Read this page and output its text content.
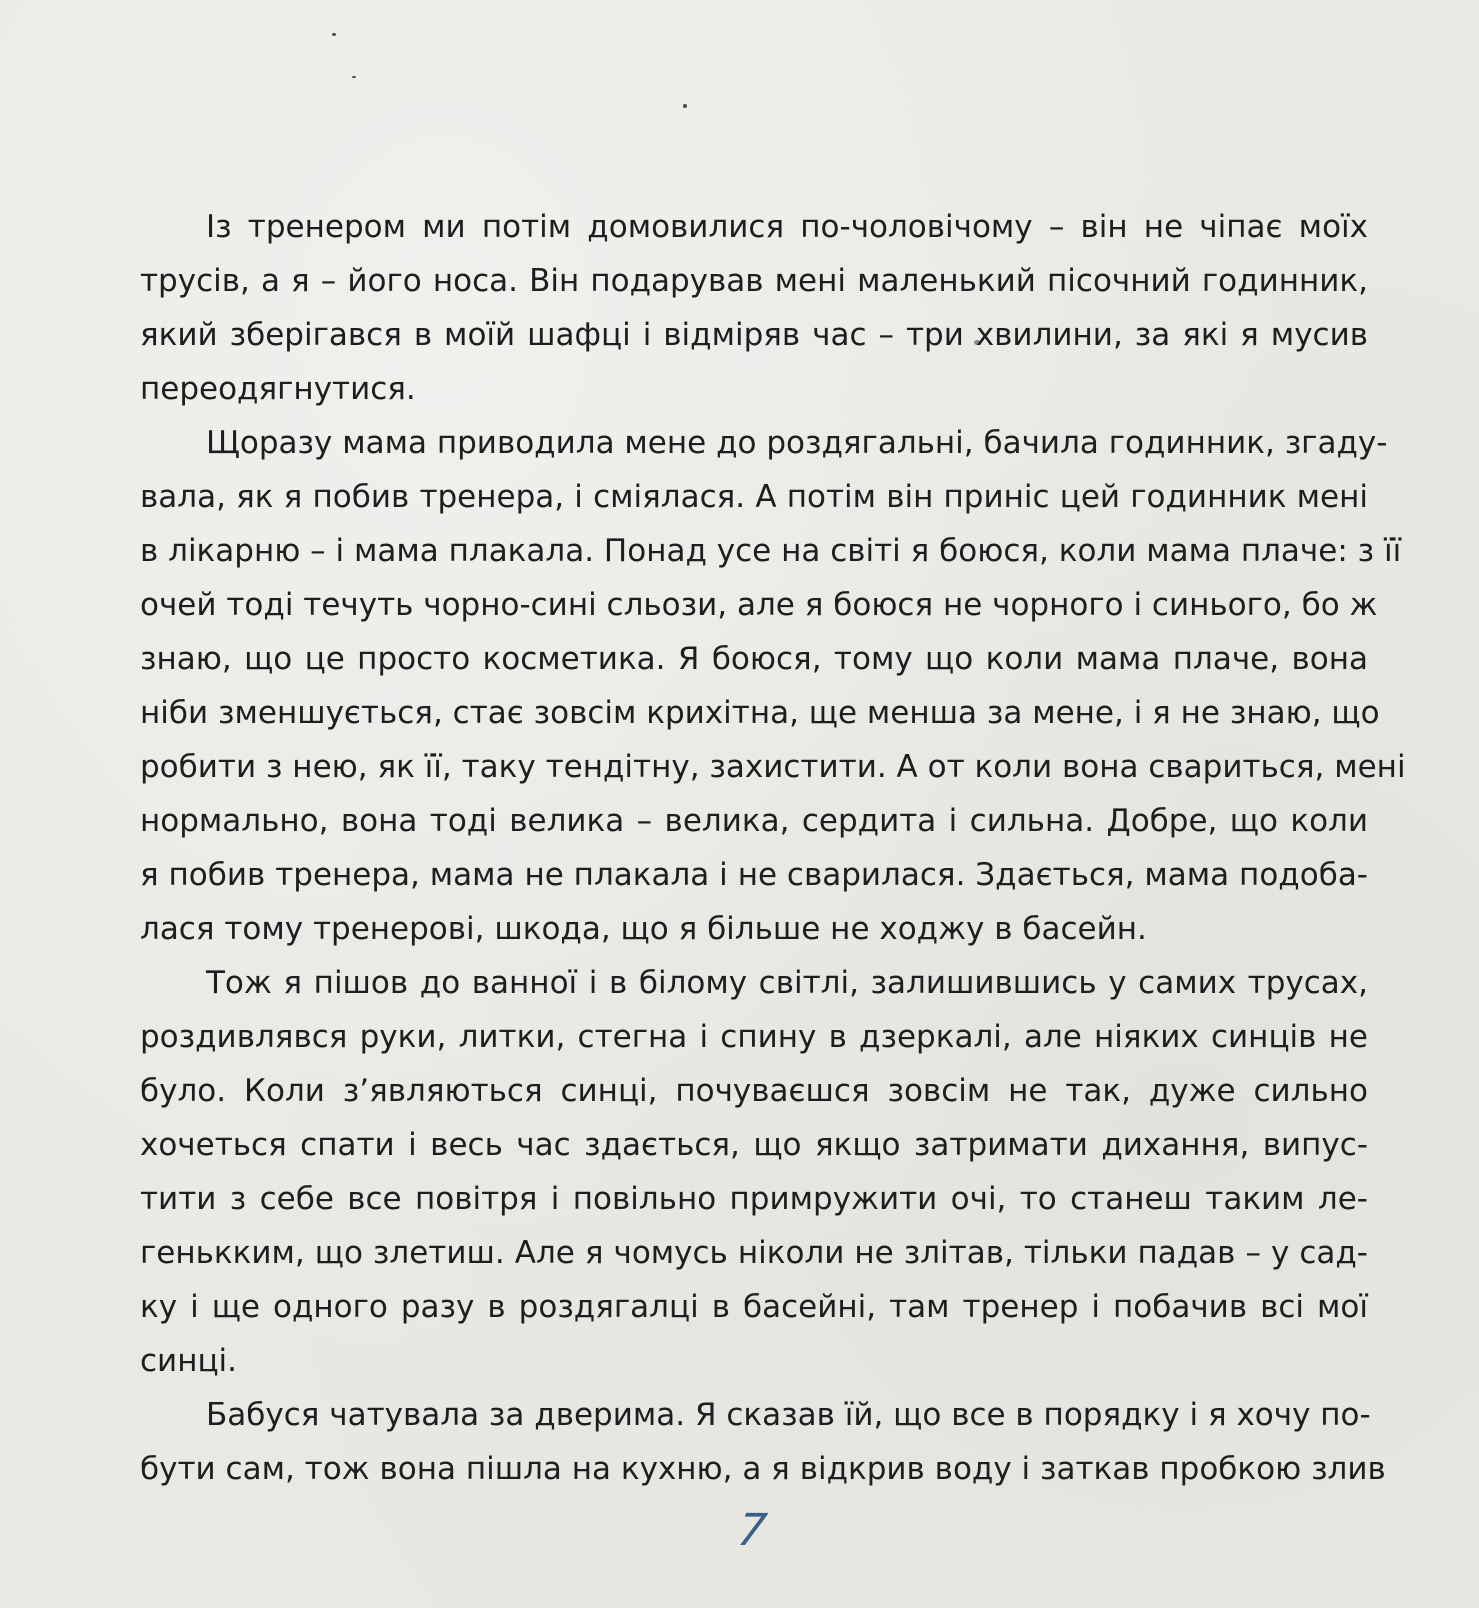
Із тренером ми потім домовилися по-чоловічому – він не чіпає моїх
трусів, а я – його носа. Він подарував мені маленький пісочний годинник,
який зберігався в моїй шафці і відміряв час – три хвилини, за які я мусив
переодягнутися.

Щоразу мама приводила мене до роздягальні, бачила годинник, згаду-
вала, як я побив тренера, і сміялася. А потім він приніс цей годинник мені
в лікарню – і мама плакала. Понад усе на світі я боюся, коли мама плаче: з її
очей тоді течуть чорно-сині сльози, але я боюся не чорного і синього, бо ж
знаю, що це просто косметика. Я боюся, тому що коли мама плаче, вона
ніби зменшується, стає зовсім крихітна, ще менша за мене, і я не знаю, що
робити з нею, як її, таку тендітну, захистити. А от коли вона свариться, мені
нормально, вона тоді велика – велика, сердита і сильна. Добре, що коли
я побив тренера, мама не плакала і не сварилася. Здається, мама подоба-
лася тому тренерові, шкода, що я більше не ходжу в басейн.

Тож я пішов до ванної і в білому світлі, залишившись у самих трусах,
роздивлявся руки, литки, стегна і спину в дзеркалі, але ніяких синців не
було. Коли з’являються синці, почуваєшся зовсім не так, дуже сильно
хочеться спати і весь час здається, що якщо затримати дихання, випус-
тити з себе все повітря і повільно примружити очі, то станеш таким ле-
генькким, що злетиш. Але я чомусь ніколи не злітав, тільки падав – у сад-
ку і ще одного разу в роздягалці в басейні, там тренер і побачив всі мої
синці.

Бабуся чатувала за дверима. Я сказав їй, що все в порядку і я хочу по-
бути сам, тож вона пішла на кухню, а я відкрив воду і заткав пробкою злив

7
